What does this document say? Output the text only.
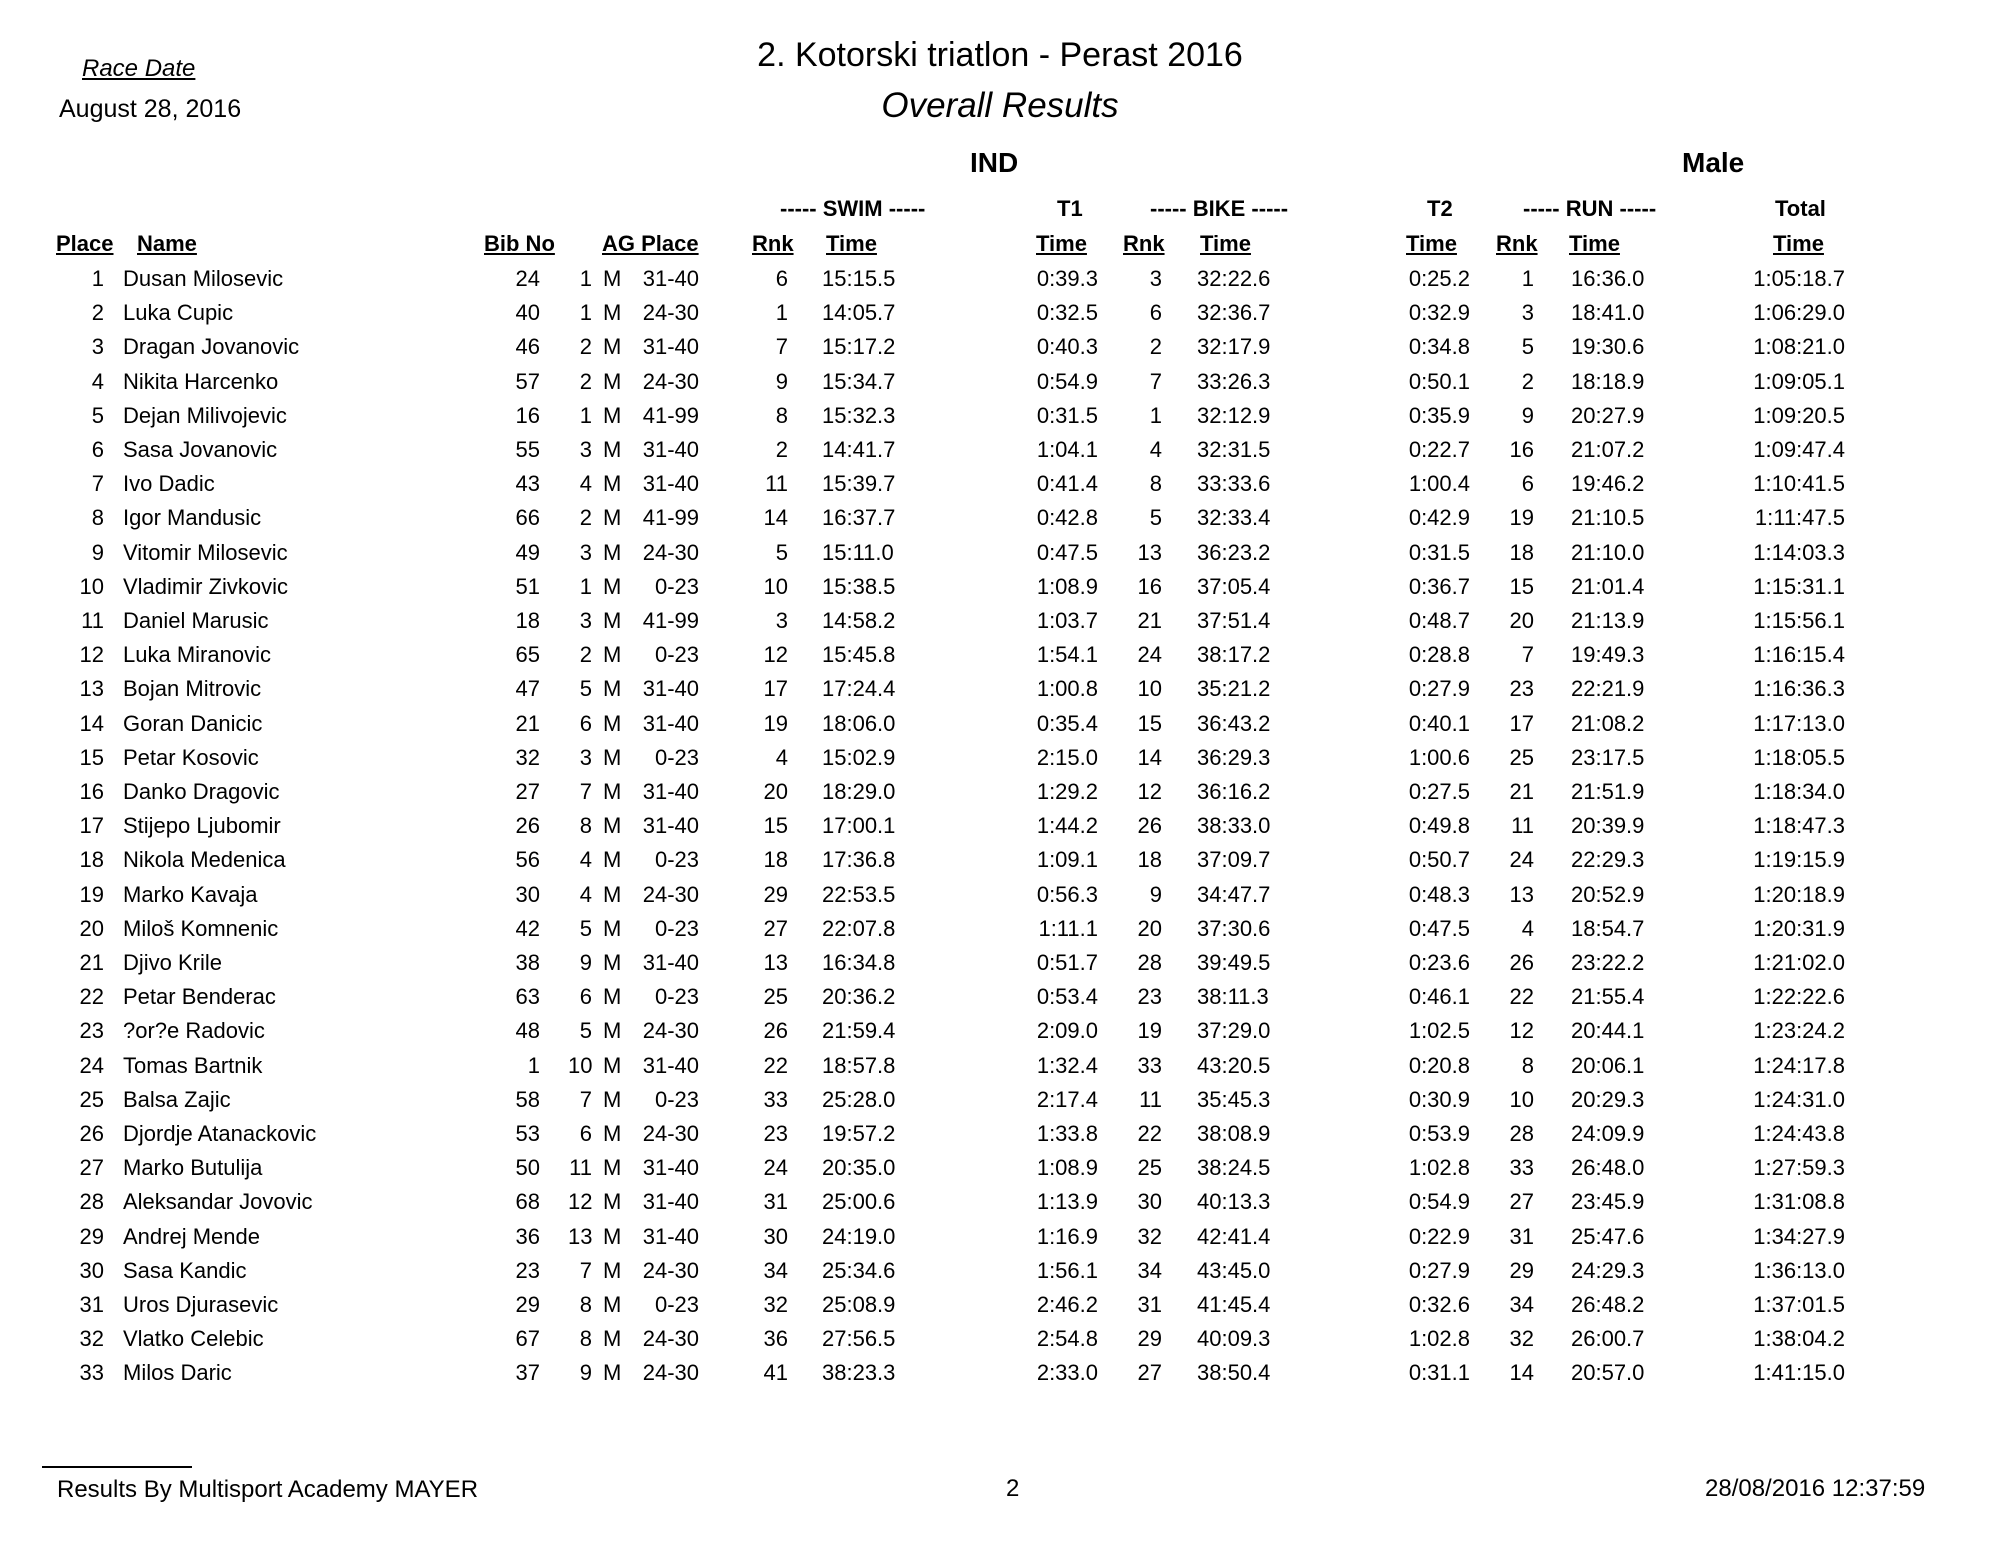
Race Date
August 28, 2016
2. Kotorski triatlon - Perast 2016
Overall Results
IND	Male
----- SWIM -----	T1	----- BIKE -----	T2	----- RUN -----	Total
Place Name	Bib No AG Place Rnk Time	Time Rnk Time	Time Rnk Time	Time
1 Dusan Milosevic	24	1 M 31-40	6 15:15.5	0:39.3	3 32:22.6	0:25.2	1 16:36.0	1:05:18.7
2 Luka Cupic	40	1 M 24-30	1 14:05.7	0:32.5	6 32:36.7	0:32.9	3 18:41.0	1:06:29.0
3 Dragan Jovanovic	46	2 M 31-40	7 15:17.2	0:40.3	2 32:17.9	0:34.8	5 19:30.6	1:08:21.0
4 Nikita Harcenko	57	2 M 24-30	9 15:34.7	0:54.9	7 33:26.3	0:50.1	2 18:18.9	1:09:05.1
5 Dejan Milivojevic	16	1 M 41-99	8 15:32.3	0:31.5	1 32:12.9	0:35.9	9 20:27.9	1:09:20.5
6 Sasa Jovanovic	55	3 M 31-40	2 14:41.7	1:04.1	4 32:31.5	0:22.7	16 21:07.2	1:09:47.4
7 Ivo Dadic	43	4 M 31-40	11 15:39.7	0:41.4	8 33:33.6	1:00.4	6 19:46.2	1:10:41.5
8 Igor Mandusic	66	2 M 41-99	14 16:37.7	0:42.8	5 32:33.4	0:42.9	19 21:10.5	1:11:47.5
9 Vitomir Milosevic	49	3 M 24-30	5 15:11.0	0:47.5	13 36:23.2	0:31.5	18 21:10.0	1:14:03.3
10 Vladimir Zivkovic	51	1 M	0-23	10 15:38.5	1:08.9	16 37:05.4	0:36.7	15 21:01.4	1:15:31.1
11 Daniel Marusic	18	3 M 41-99	3 14:58.2	1:03.7	21 37:51.4	0:48.7	20 21:13.9	1:15:56.1
12 Luka Miranovic	65	2 M	0-23	12 15:45.8	1:54.1	24 38:17.2	0:28.8	7 19:49.3	1:16:15.4
13 Bojan Mitrovic	47	5 M 31-40	17 17:24.4	1:00.8	10 35:21.2	0:27.9	23 22:21.9	1:16:36.3
14 Goran Danicic	21	6 M 31-40	19 18:06.0	0:35.4	15 36:43.2	0:40.1	17 21:08.2	1:17:13.0
15 Petar Kosovic	32	3 M	0-23	4 15:02.9	2:15.0	14 36:29.3	1:00.6	25 23:17.5	1:18:05.5
16 Danko Dragovic	27	7 M 31-40	20 18:29.0	1:29.2	12 36:16.2	0:27.5	21 21:51.9	1:18:34.0
17 Stijepo Ljubomir	26	8 M 31-40	15 17:00.1	1:44.2	26 38:33.0	0:49.8	11 20:39.9	1:18:47.3
18 Nikola Medenica	56	4 M	0-23	18 17:36.8	1:09.1	18 37:09.7	0:50.7	24 22:29.3	1:19:15.9
19 Marko Kavaja	30	4 M 24-30	29 22:53.5	0:56.3	9 34:47.7	0:48.3	13 20:52.9	1:20:18.9
20 Miloš Komnenic	42	5 M	0-23	27 22:07.8	1:11.1	20 37:30.6	0:47.5	4 18:54.7	1:20:31.9
21 Djivo Krile	38	9 M 31-40	13 16:34.8	0:51.7	28 39:49.5	0:23.6	26 23:22.2	1:21:02.0
22 Petar Benderac	63	6 M	0-23	25 20:36.2	0:53.4	23 38:11.3	0:46.1	22 21:55.4	1:22:22.6
23 ?or?e Radovic	48	5 M 24-30	26 21:59.4	2:09.0	19 37:29.0	1:02.5	12 20:44.1	1:23:24.2
24 Tomas Bartnik	1 10 M 31-40	22 18:57.8	1:32.4	33 43:20.5	0:20.8	8 20:06.1	1:24:17.8
25 Balsa Zajic	58	7 M	0-23	33 25:28.0	2:17.4	11 35:45.3	0:30.9	10 20:29.3	1:24:31.0
26 Djordje Atanackovic	53	6 M 24-30	23 19:57.2	1:33.8	22 38:08.9	0:53.9	28 24:09.9	1:24:43.8
27 Marko Butulija	50 11 M 31-40	24 20:35.0	1:08.9	25 38:24.5	1:02.8	33 26:48.0	1:27:59.3
28 Aleksandar Jovovic	68 12 M 31-40	31 25:00.6	1:13.9	30 40:13.3	0:54.9	27 23:45.9	1:31:08.8
29 Andrej Mende	36 13 M 31-40	30 24:19.0	1:16.9	32 42:41.4	0:22.9	31 25:47.6	1:34:27.9
30 Sasa Kandic	23	7 M 24-30	34 25:34.6	1:56.1	34 43:45.0	0:27.9	29 24:29.3	1:36:13.0
31 Uros Djurasevic	29	8 M	0-23	32 25:08.9	2:46.2	31 41:45.4	0:32.6	34 26:48.2	1:37:01.5
32 Vlatko Celebic	67	8 M 24-30	36 27:56.5	2:54.8	29 40:09.3	1:02.8	32 26:00.7	1:38:04.2
33 Milos Daric	37	9 M 24-30	41 38:23.3	2:33.0	27 38:50.4	0:31.1	14 20:57.0	1:41:15.0
Results By Multisport Academy MAYER	2	28/08/2016 12:37:59
